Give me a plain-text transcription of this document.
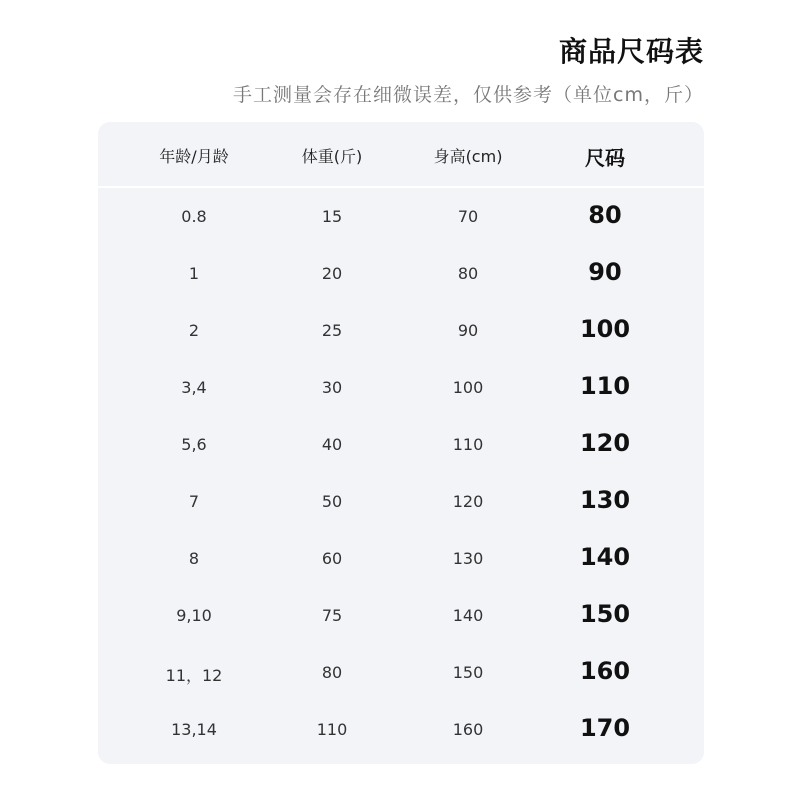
商品尺码表
手工测量会存在细微误差，仅供参考（单位cm，斤）
尺码
身高(cm)
体重(斤)
年龄/月龄
80
70
15
0.8
90
80
20
1
100
90
25
2
110
100
30
3,4
120
110
40
5,6
130
120
50
7
140
130
60
8
150
140
75
9,10
160
150
80
11，12
170
160
110
13,14
